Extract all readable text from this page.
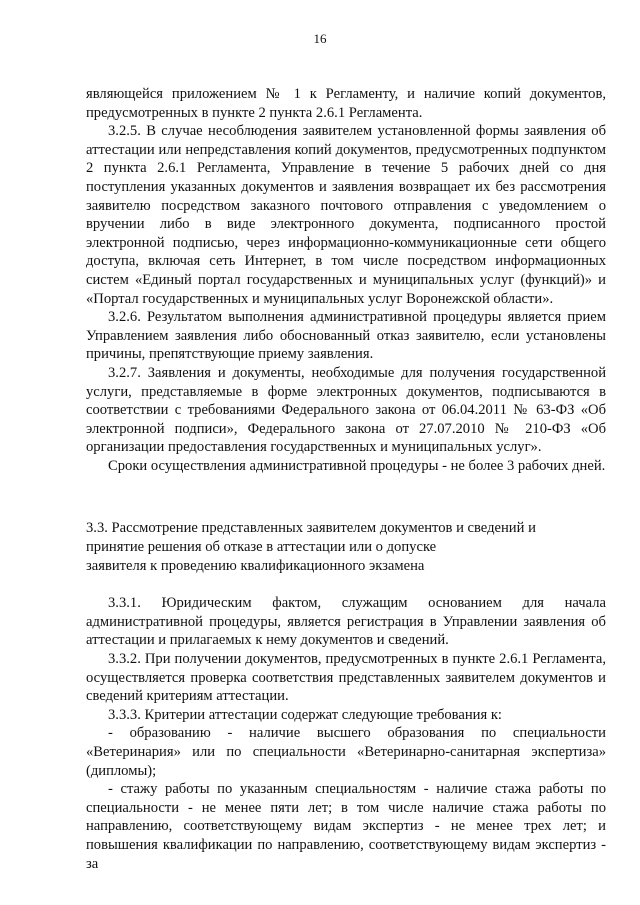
16

являющейся приложением № 1 к Регламенту, и наличие копий документов, предусмотренных в пункте 2 пункта 2.6.1 Регламента.

3.2.5. В случае несоблюдения заявителем установленной формы заявления об аттестации или непредставления копий документов, предусмотренных подпунктом 2 пункта 2.6.1 Регламента, Управление в течение 5 рабочих дней со дня поступления указанных документов и заявления возвращает их без рассмотрения заявителю посредством заказного почтового отправления с уведомлением о вручении либо в виде электронного документа, подписанного простой электронной подписью, через информационно-коммуникационные сети общего доступа, включая сеть Интернет, в том числе посредством информационных систем «Единый портал государственных и муниципальных услуг (функций)» и «Портал государственных и муниципальных услуг Воронежской области».

3.2.6. Результатом выполнения административной процедуры является прием Управлением заявления либо обоснованный отказ заявителю, если установлены причины, препятствующие приему заявления.

3.2.7. Заявления и документы, необходимые для получения государственной услуги, представляемые в форме электронных документов, подписываются в соответствии с требованиями Федерального закона от 06.04.2011 № 63-ФЗ «Об электронной подписи», Федерального закона от 27.07.2010 № 210-ФЗ «Об организации предоставления государственных и муниципальных услуг».

Сроки осуществления административной процедуры - не более 3 рабочих дней.

3.3. Рассмотрение представленных заявителем документов и сведений и

принятие решения об отказе в аттестации или о допуске

заявителя к проведению квалификационного экзамена

3.3.1. Юридическим фактом, служащим основанием для начала административной процедуры, является регистрация в Управлении заявления об аттестации и прилагаемых к нему документов и сведений.

3.3.2. При получении документов, предусмотренных в пункте 2.6.1 Регламента, осуществляется проверка соответствия представленных заявителем документов и сведений критериям аттестации.

3.3.3. Критерии аттестации содержат следующие требования к:

- образованию - наличие высшего образования по специальности «Ветеринария» или по специальности «Ветеринарно-санитарная экспертиза» (дипломы);

- стажу работы по указанным специальностям - наличие стажа работы по специальности - не менее пяти лет; в том числе наличие стажа работы по направлению, соответствующему видам экспертиз - не менее трех лет; и повышения квалификации по направлению, соответствующему видам экспертиз - за
